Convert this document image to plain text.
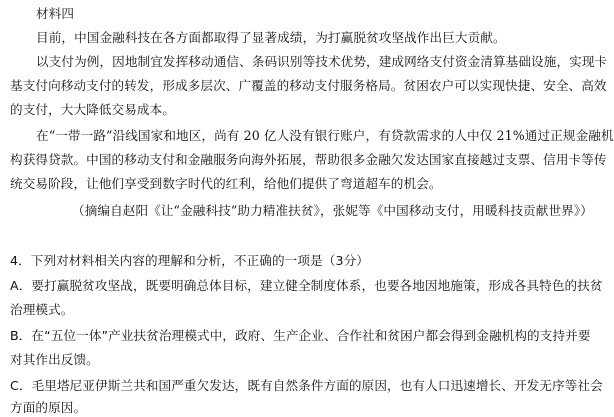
材料四
目前，中国金融科技在各方面都取得了显著成绩，为打赢脱贫攻坚战作出巨大贡献。
以支付为例，因地制宜发挥移动通信、条码识别等技术优势，建成网络支付资金清算基础设施，实现卡
基支付向移动支付的转发，形成多层次、广覆盖的移动支付服务格局。贫困农户可以实现快捷、安全、高效
的支付，大大降低交易成本。
在“一带一路”沿线国家和地区，尚有 20 亿人没有银行账户，有贷款需求的人中仅 21%通过正规金融机
构获得贷款。中国的移动支付和金融服务向海外拓展，帮助很多金融欠发达国家直接越过支票、信用卡等传
统交易阶段，让他们享受到数字时代的红利，给他们提供了弯道超车的机会。
（摘编自赵阳《让“金融科技”助力精准扶贫》，张妮等《中国移动支付，用暖科技贡献世界》）
4．下列对材料相关内容的理解和分析，不正确的一项是（3分）
A．要打赢脱贫攻坚战，既要明确总体目标，建立健全制度体系，也要各地因地施策，形成各具特色的扶贫
治理模式。
B．在“五位一体”产业扶贫治理模式中，政府、生产企业、合作社和贫困户都会得到金融机构的支持并要
对其作出反馈。
C．毛里塔尼亚伊斯兰共和国严重欠发达，既有自然条件方面的原因，也有人口迅速增长、开发无序等社会
方面的原因。
